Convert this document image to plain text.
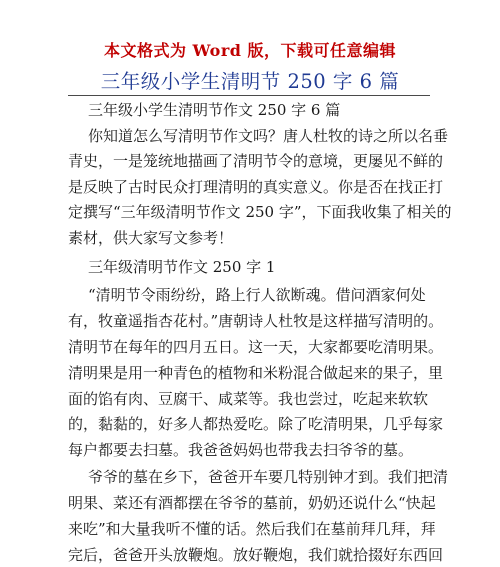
本文格式为 Word 版，下载可任意编辑
三年级小学生清明节 250 字 6 篇
三年级小学生清明节作文 250 字 6 篇
你知道怎么写清明节作文吗？唐人杜牧的诗之所以名垂
青史，一是笼统地描画了清明节令的意境，更屡见不鲜的
是反映了古时民众打理清明的真实意义。你是否在找正打
定撰写“三年级清明节作文 250 字”，下面我收集了相关的
素材，供大家写文参考！
三年级清明节作文 250 字 1
“清明节令雨纷纷，路上行人欲断魂。借问酒家何处
有，牧童遥指杏花村。”唐朝诗人杜牧是这样描写清明的。
清明节在每年的四月五日。这一天，大家都要吃清明果。
清明果是用一种青色的植物和米粉混合做起来的果子，里
面的馅有肉、豆腐干、咸菜等。我也尝过，吃起来软软
的，黏黏的，好多人都热爱吃。除了吃清明果，几乎每家
每户都要去扫墓。我爸爸妈妈也带我去扫爷爷的墓。
爷爷的墓在乡下，爸爸开车要几特别钟才到。我们把清
明果、菜还有酒都摆在爷爷的墓前，奶奶还说什么“快起
来吃”和大量我听不懂的话。然后我们在墓前拜几拜，拜
完后，爸爸开头放鞭炮。放好鞭炮，我们就拾掇好东西回
